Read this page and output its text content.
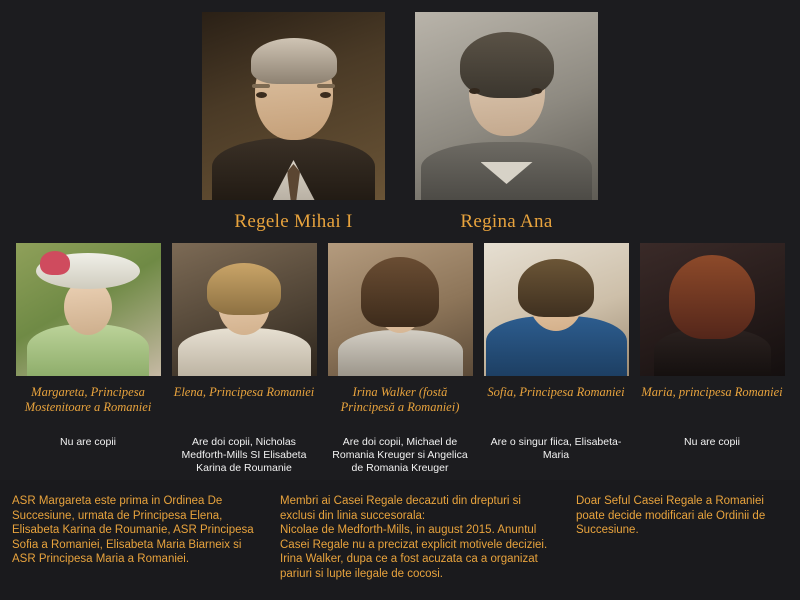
Regele Mihai I	Regina Ana
Margareta, Principesa Mostenitoare a Romaniei
Nu are copii
Elena, Principesa Romaniei
Are doi copii, Nicholas Medforth-Mills SI Elisabeta Karina de Roumanie
Irina Walker (fostă Principesă a Romaniei)
Are doi copii, Michael de Romania Kreuger si Angelica de Romania Kreuger
Sofia, Principesa Romaniei
Are o singur fiica, Elisabeta-Maria
Maria, principesa Romaniei
Nu are copii
ASR Margareta este prima in Ordinea De Succesiune, urmata de Principesa Elena, Elisabeta Karina de Roumanie, ASR Principesa Sofia a Romaniei, Elisabeta Maria Biarneix si ASR Principesa Maria a Romaniei.
Membri ai Casei Regale decazuti din drepturi si exclusi din linia succesorala:
Nicolae de Medforth-Mills, in august 2015. Anuntul Casei Regale nu a precizat explicit motivele deciziei.
Irina Walker, dupa ce a fost acuzata ca a organizat pariuri si lupte ilegale de cocosi.
Doar Seful Casei Regale a Romaniei poate decide modificari ale Ordinii de Succesiune.
